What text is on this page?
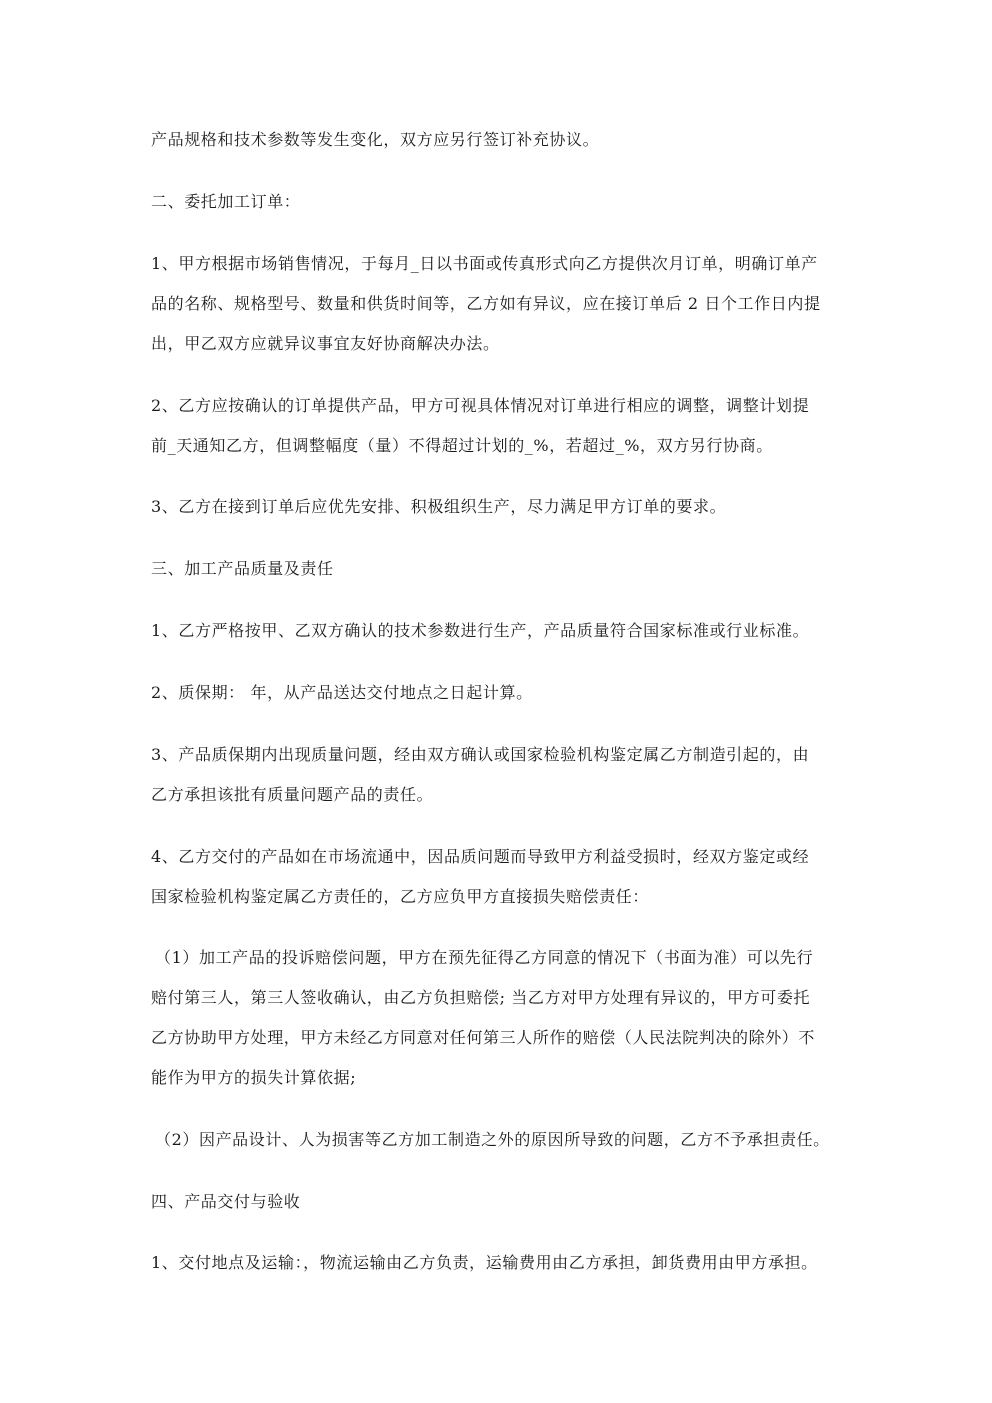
产品规格和技术参数等发生变化，双方应另行签订补充协议。
二、委托加工订单：
1、甲方根据市场销售情况，于每月_日以书面或传真形式向乙方提供次月订单，明确订单产
品的名称、规格型号、数量和供货时间等，乙方如有异议，应在接订单后 2 日个工作日内提
出，甲乙双方应就异议事宜友好协商解决办法。
2、乙方应按确认的订单提供产品，甲方可视具体情况对订单进行相应的调整，调整计划提
前_天通知乙方，但调整幅度（量）不得超过计划的_%，若超过_%，双方另行协商。
3、乙方在接到订单后应优先安排、积极组织生产，尽力满足甲方订单的要求。
三、加工产品质量及责任
1、乙方严格按甲、乙双方确认的技术参数进行生产，产品质量符合国家标准或行业标准。
2、质保期： 年，从产品送达交付地点之日起计算。
3、产品质保期内出现质量问题，经由双方确认或国家检验机构鉴定属乙方制造引起的，由
乙方承担该批有质量问题产品的责任。
4、乙方交付的产品如在市场流通中，因品质问题而导致甲方利益受损时，经双方鉴定或经
国家检验机构鉴定属乙方责任的，乙方应负甲方直接损失赔偿责任：
（1）加工产品的投诉赔偿问题，甲方在预先征得乙方同意的情况下（书面为准）可以先行
赔付第三人，第三人签收确认，由乙方负担赔偿; 当乙方对甲方处理有异议的，甲方可委托
乙方协助甲方处理，甲方未经乙方同意对任何第三人所作的赔偿（人民法院判决的除外）不
能作为甲方的损失计算依据;
（2）因产品设计、人为损害等乙方加工制造之外的原因所导致的问题，乙方不予承担责任。
四、产品交付与验收
1、交付地点及运输：，物流运输由乙方负责，运输费用由乙方承担，卸货费用由甲方承担。
